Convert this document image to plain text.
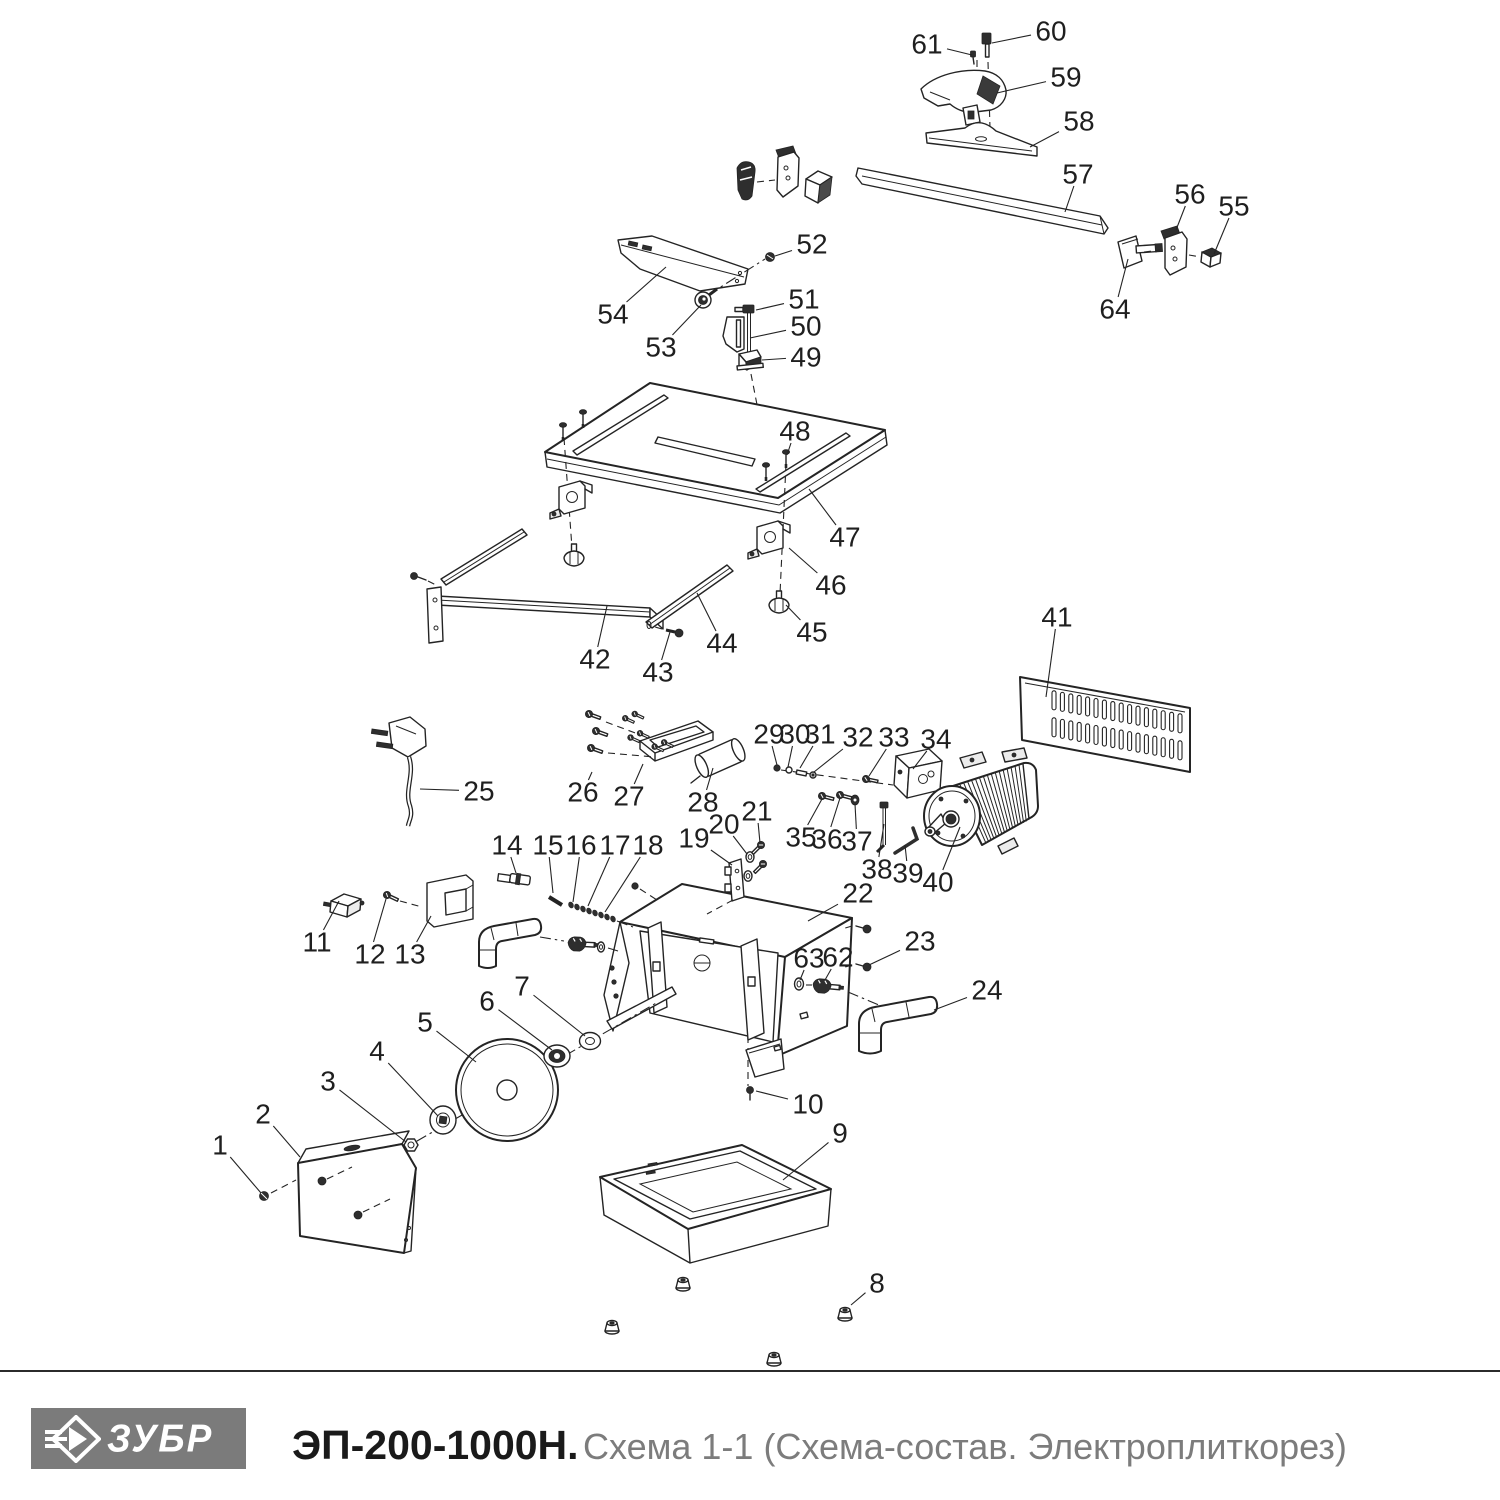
1
2
3
4
5
6 7
8
9
10
11 12 13
14 15 16 17 18 19
20 21
22
23
24
25	26 27 28
29
30
31 32 33 34
35
36
37
38 39
40
41
42 43
44 45
46
47
48
49
50
51
52
53
54
55
56
57
58
59
60
61
62
63
64
ЗУБР ЭП-200-1000Н. Схема 1-1 (Схема-состав. Электроплиткорез)
